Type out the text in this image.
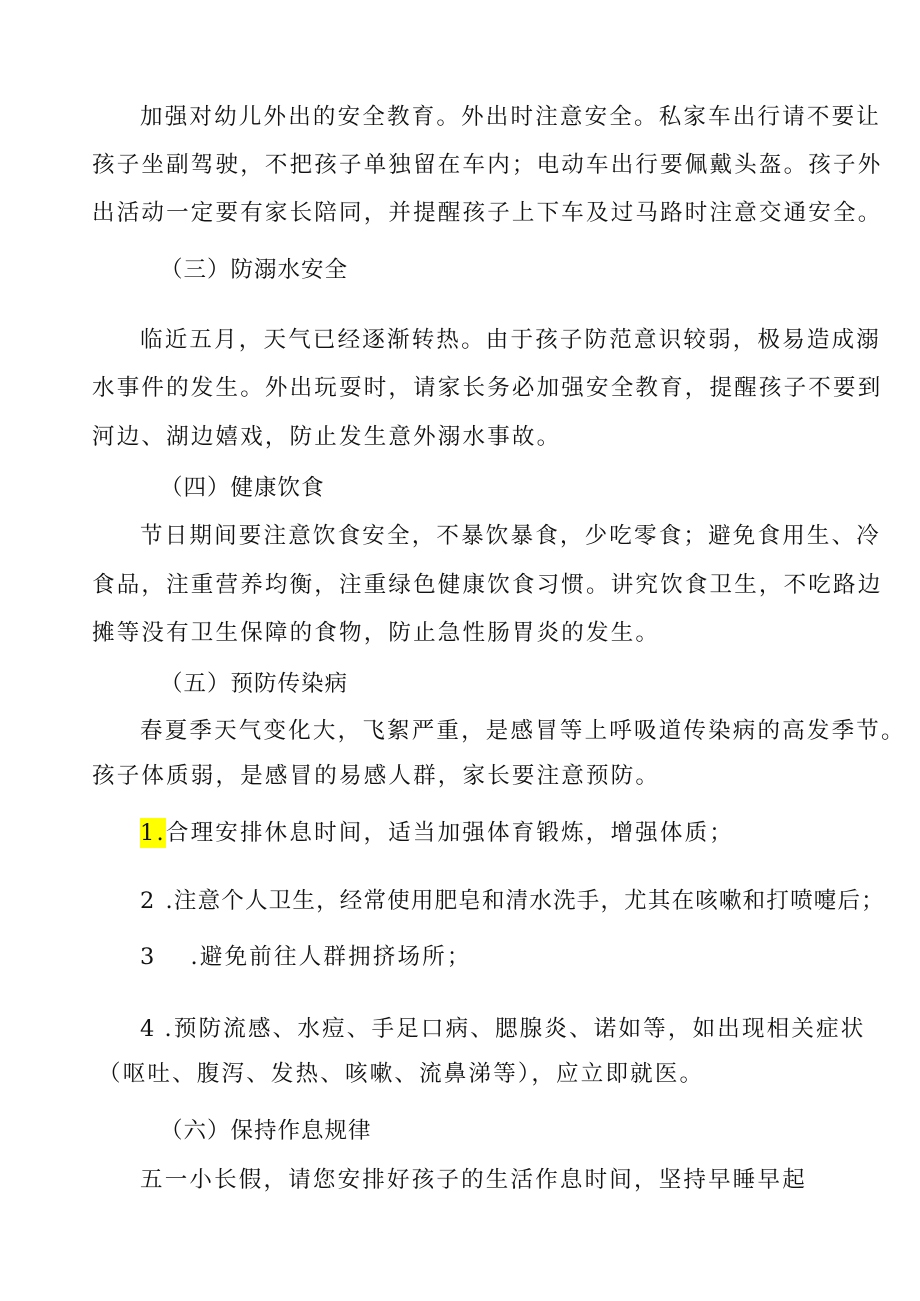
加强对幼儿外出的安全教育。外出时注意安全。私家车出行请不要让
孩子坐副驾驶，不把孩子单独留在车内；电动车出行要佩戴头盔。孩子外
出活动一定要有家长陪同，并提醒孩子上下车及过马路时注意交通安全。
（三）防溺水安全
临近五月，天气已经逐渐转热。由于孩子防范意识较弱，极易造成溺
水事件的发生。外出玩耍时，请家长务必加强安全教育，提醒孩子不要到
河边、湖边嬉戏，防止发生意外溺水事故。
（四）健康饮食
节日期间要注意饮食安全，不暴饮暴食，少吃零食；避免食用生、冷
食品，注重营养均衡，注重绿色健康饮食习惯。讲究饮食卫生，不吃路边
摊等没有卫生保障的食物，防止急性肠胃炎的发生。
（五）预防传染病
春夏季天气变化大，飞絮严重，是感冒等上呼吸道传染病的高发季节。
孩子体质弱，是感冒的易感人群，家长要注意预防。
1.合理安排休息时间，适当加强体育锻炼，增强体质；
2 .注意个人卫生，经常使用肥皂和清水洗手，尤其在咳嗽和打喷嚏后；
3 .避免前往人群拥挤场所；
4 .预防流感、水痘、手足口病、腮腺炎、诺如等，如出现相关症状
（呕吐、腹泻、发热、咳嗽、流鼻涕等），应立即就医。
（六）保持作息规律
五一小长假，请您安排好孩子的生活作息时间，坚持早睡早起
